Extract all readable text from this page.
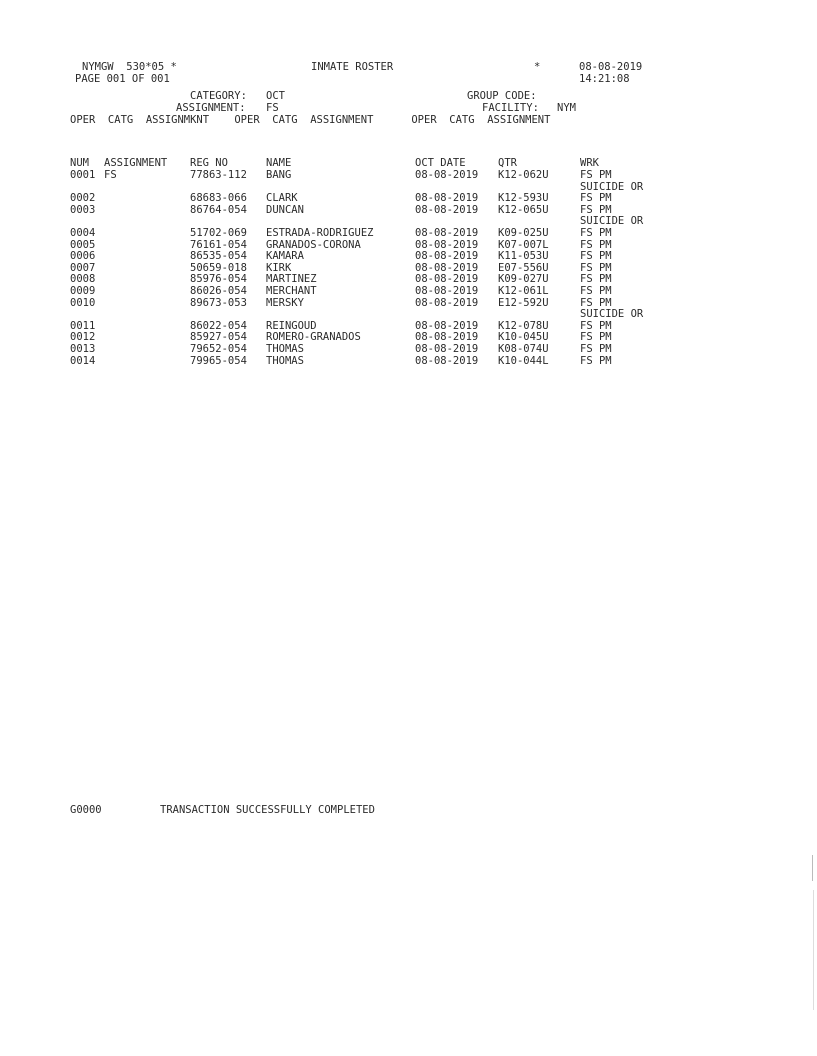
NYMGW  530*05 *	INMATE ROSTER	*	08-08-2019
PAGE 001 OF 001	14:21:08
CATEGORY: OCT	GROUP CODE:
ASSIGNMENT: FS	FACILITY: NYM
OPER  CATG  ASSIGNMKNT    OPER  CATG  ASSIGNMENT      OPER  CATG  ASSIGNMENT
NUM ASSIGNMENT REG NO	NAME	OCT DATE	QTR	WRK
0001 FS	77863-112 BANG	08-08-2019 K12-062U	FS PM
SUICIDE OR
0002	68683-066 CLARK	08-08-2019 K12-593U	FS PM
0003	86764-054 DUNCAN	08-08-2019 K12-065U	FS PM
SUICIDE OR
0004	51702-069 ESTRADA-RODRIGUEZ	08-08-2019 K09-025U	FS PM
0005	76161-054 GRANADOS-CORONA	08-08-2019 K07-007L	FS PM
0006	86535-054 KAMARA	08-08-2019 K11-053U	FS PM
0007	50659-018 KIRK	08-08-2019 E07-556U	FS PM
0008	85976-054 MARTINEZ	08-08-2019 K09-027U	FS PM
0009	86026-054 MERCHANT	08-08-2019 K12-061L	FS PM
0010	89673-053 MERSKY	08-08-2019 E12-592U	FS PM
SUICIDE OR
0011	86022-054 REINGOUD	08-08-2019 K12-078U	FS PM
0012	85927-054 ROMERO-GRANADOS	08-08-2019 K10-045U	FS PM
0013	79652-054 THOMAS	08-08-2019 K08-074U	FS PM
0014	79965-054 THOMAS	08-08-2019 K10-044L	FS PM
G0000	TRANSACTION SUCCESSFULLY COMPLETED
